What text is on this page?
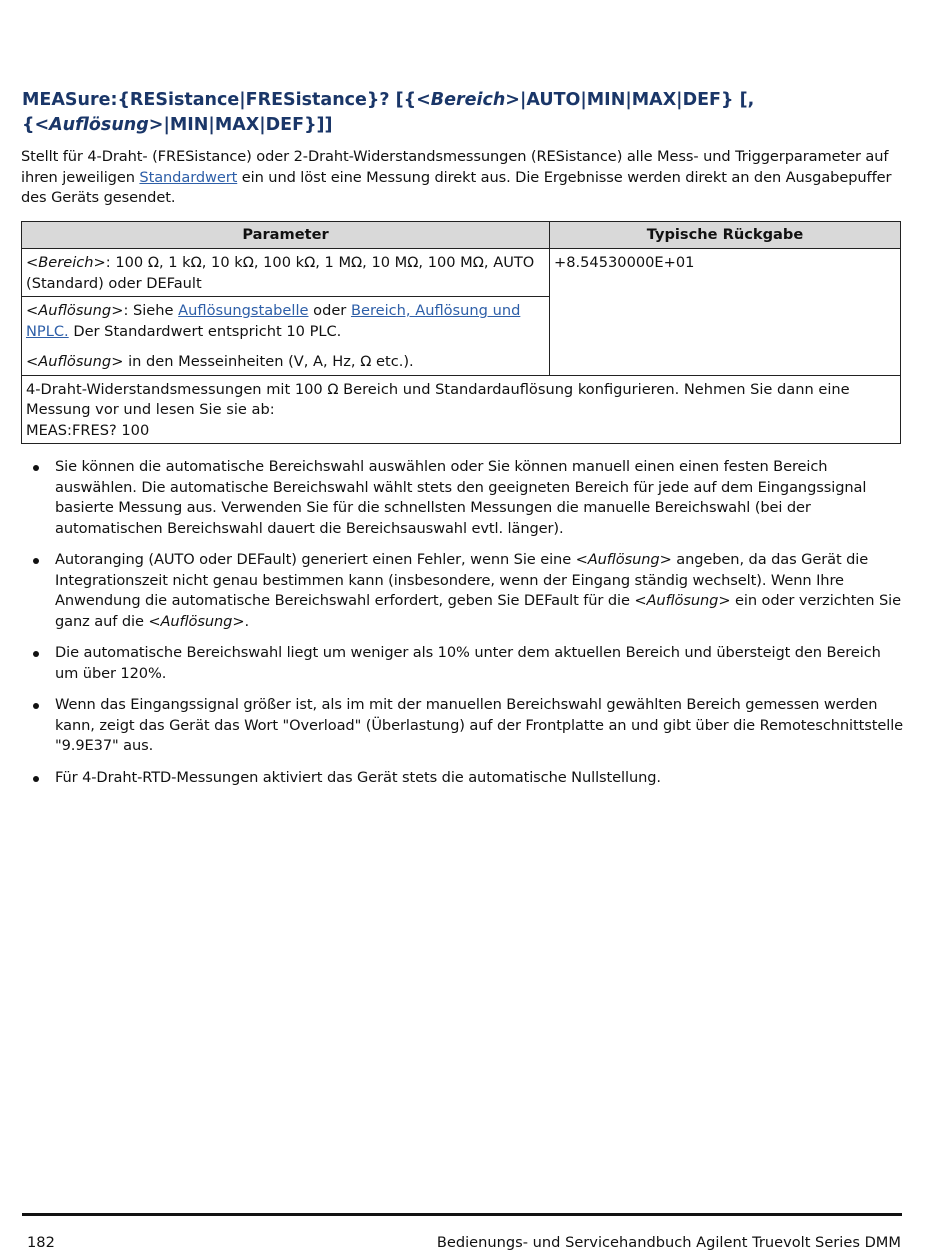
MEASure:{RESistance|FRESistance}? [{<Bereich>|AUTO|MIN|MAX|DEF} [,
{<Auflösung>|MIN|MAX|DEF}]]

Stellt für 4-Draht- (FRESistance) oder 2-Draht-Widerstandsmessungen (RESistance) alle Mess- und Triggerparameter auf ihren jeweiligen Standardwert ein und löst eine Messung direkt aus. Die Ergebnisse werden direkt an den Ausgabepuffer des Geräts gesendet.

Parameter	Typische Rückgabe
<Bereich>: 100 Ω, 1 kΩ, 10 kΩ, 100 kΩ, 1 MΩ, 10 MΩ, 100 MΩ, AUTO (Standard) oder DEFault	+8.54530000E+01
<Auflösung>: Siehe Auflösungstabelle oder Bereich, Auflösung und NPLC. Der Standardwert entspricht 10 PLC.
<Auflösung> in den Messeinheiten (V, A, Hz, Ω etc.).	

4-Draht-Widerstandsmessungen mit 100 Ω Bereich und Standardauflösung konfigurieren. Nehmen Sie dann eine Messung vor und lesen Sie sie ab:
MEAS:FRES? 100	
Sie können die automatische Bereichswahl auswählen oder Sie können manuell einen einen festen Bereich auswählen. Die automatische Bereichswahl wählt stets den geeigneten Bereich für jede auf dem Eingangssignal basierte Messung aus. Verwenden Sie für die schnellsten Messungen die manuelle Bereichswahl (bei der automatischen Bereichswahl dauert die Bereichsauswahl evtl. länger).
Autoranging (AUTO oder DEFault) generiert einen Fehler, wenn Sie eine <Auflösung> angeben, da das Gerät die Integrationszeit nicht genau bestimmen kann (insbesondere, wenn der Eingang ständig wechselt). Wenn Ihre Anwendung die automatische Bereichswahl erfordert, geben Sie DEFault für die <Auflösung> ein oder verzichten Sie ganz auf die <Auflösung>.
Die automatische Bereichswahl liegt um weniger als 10% unter dem aktuellen Bereich und übersteigt den Bereich um über 120%.
Wenn das Eingangssignal größer ist, als im mit der manuellen Bereichswahl gewählten Bereich gemessen werden kann, zeigt das Gerät das Wort "Overload" (Überlastung) auf der Frontplatte an und gibt über die Remoteschnittstelle "9.9E37" aus.
Für 4-Draht-RTD-Messungen aktiviert das Gerät stets die automatische Nullstellung.
182	Bedienungs- und Servicehandbuch Agilent Truevolt Series DMM
